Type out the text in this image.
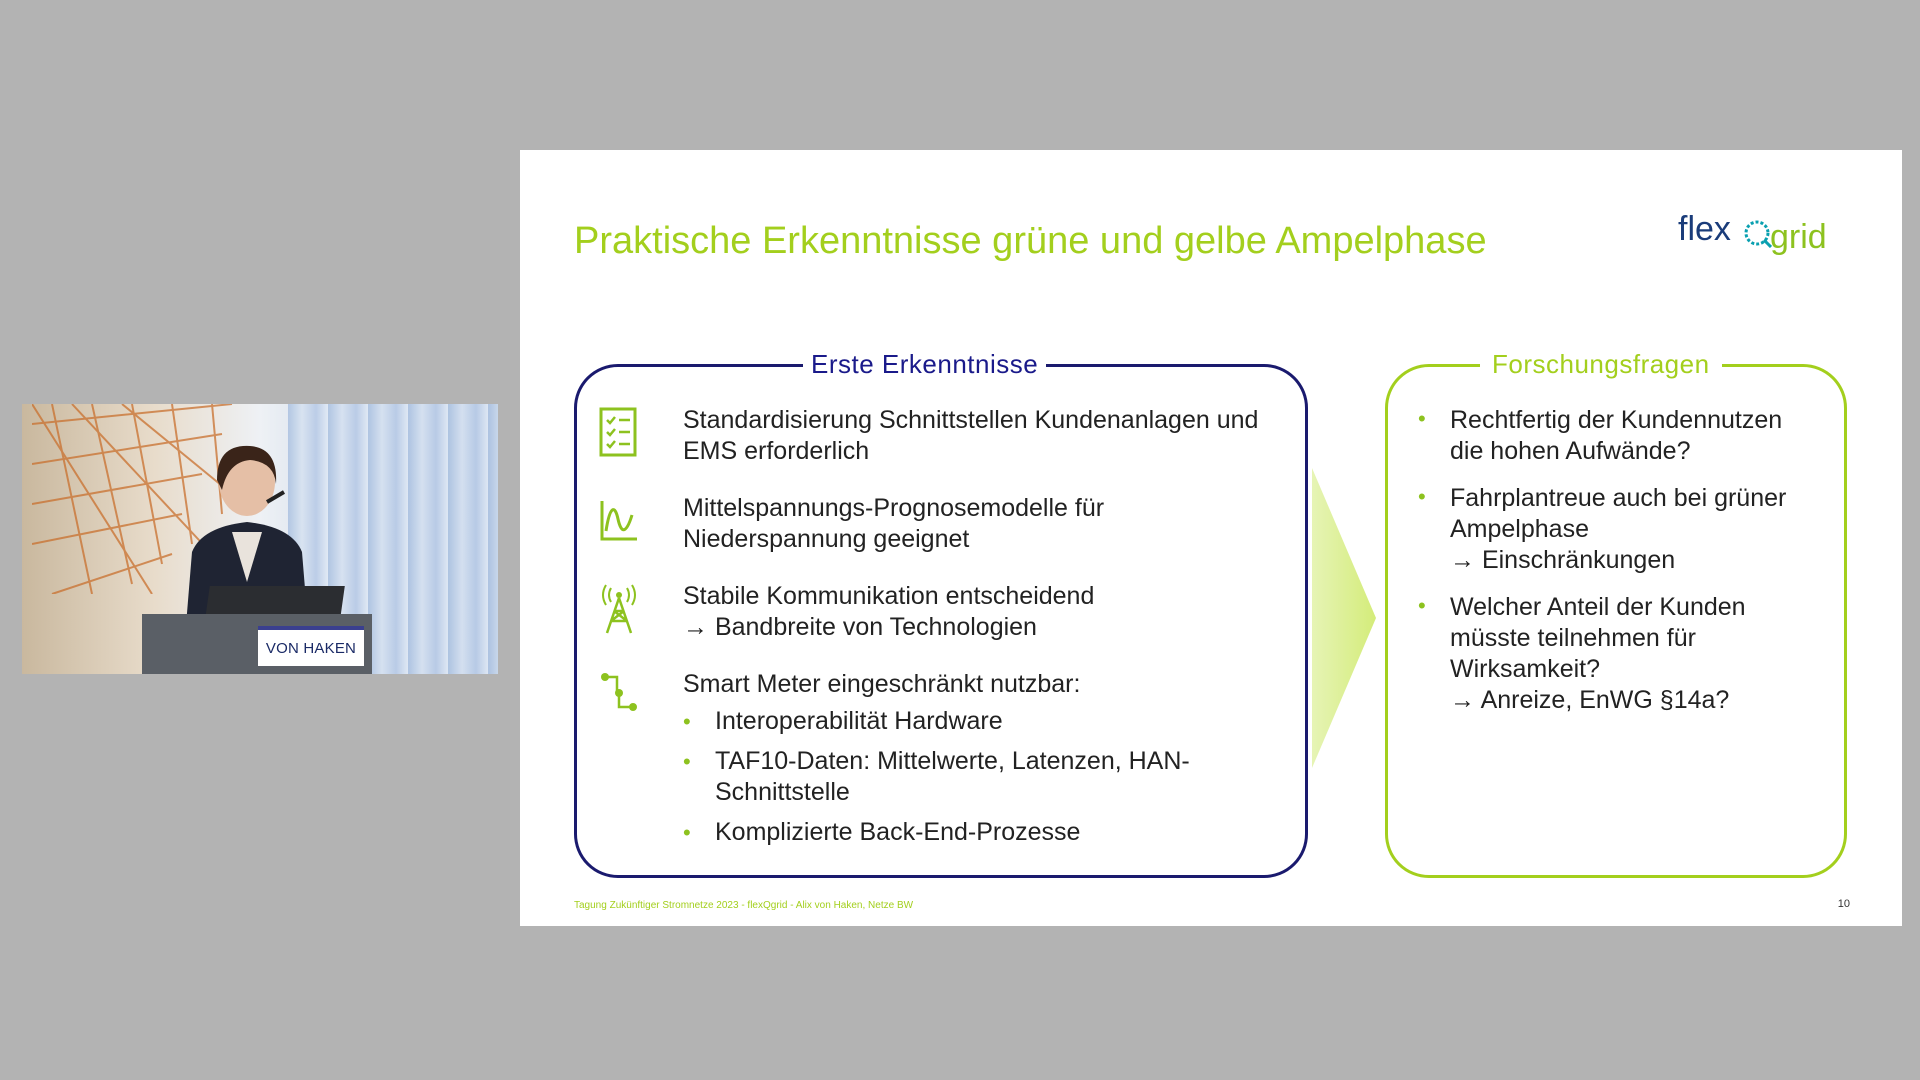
VON HAKEN
Praktische Erkenntnisse grüne und gelbe Ampelphase	flex grid
Erste Erkenntnisse
Standardisierung Schnittstellen Kundenanlagen und
EMS erforderlich
Mittelspannungs-Prognosemodelle für
Niederspannung geeignet
Stabile Kommunikation entscheidend
→ Bandbreite von Technologien
Smart Meter eingeschränkt nutzbar:
• Interoperabilität Hardware
• TAF10-Daten: Mittelwerte, Latenzen, HAN-Schnittstelle
• Komplizierte Back-End-Prozesse
Forschungsfragen
• Rechtfertig der Kundennutzen die hohen Aufwände?
• Fahrplantreue auch bei grüner Ampelphase
→ Einschränkungen
• Welcher Anteil der Kunden müsste teilnehmen für Wirksamkeit?
→ Anreize, EnWG §14a?
Tagung Zukünftiger Stromnetze 2023 - flexQgrid - Alix von Haken, Netze BW	10
